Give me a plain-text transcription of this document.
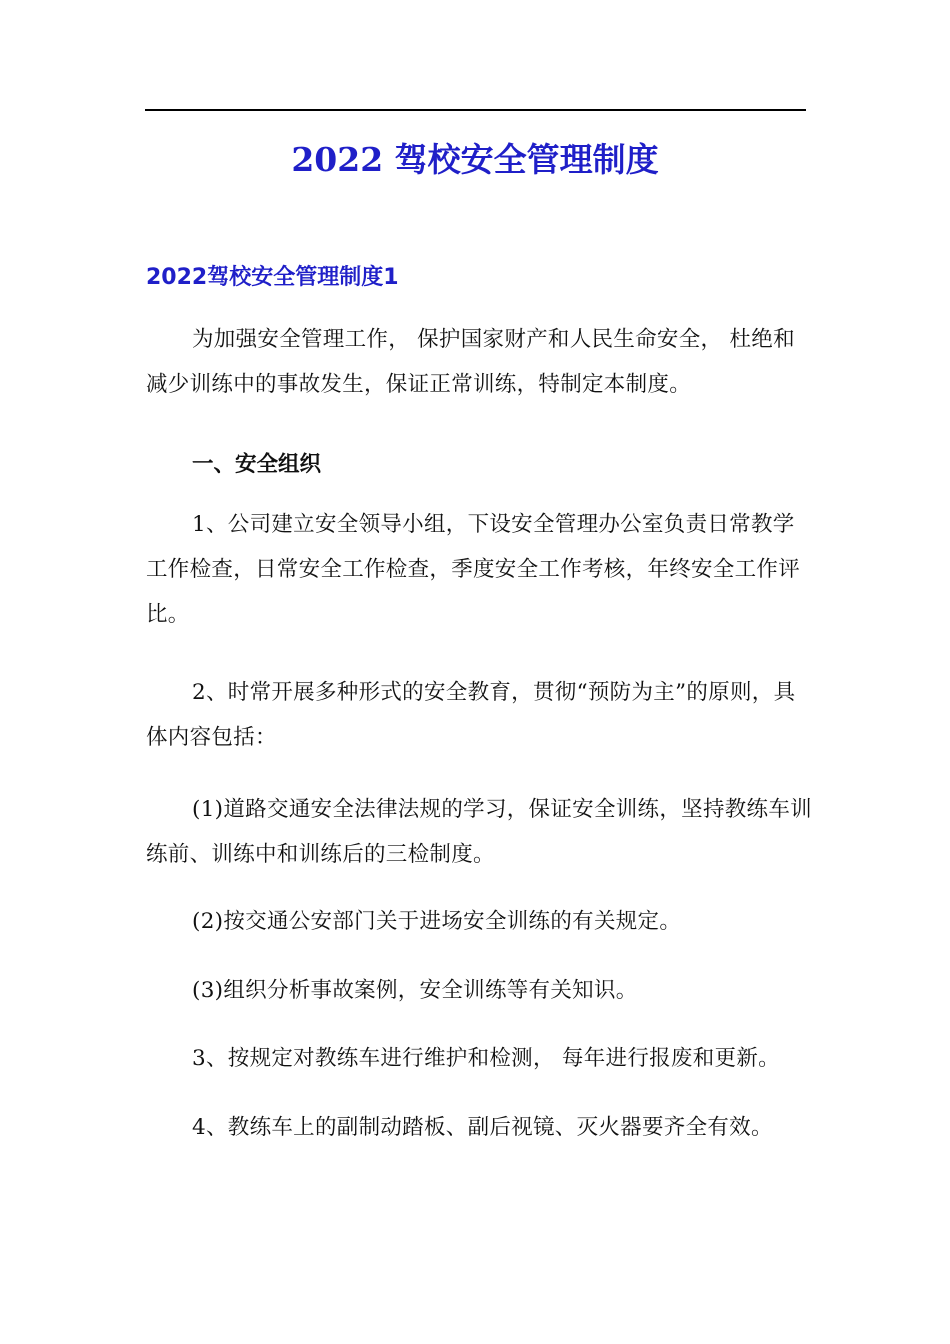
2022 驾校安全管理制度
2022驾校安全管理制度1

为加强安全管理工作， 保护国家财产和人民生命安全， 杜绝和减少训练中的事故发生，保证正常训练，特制定本制度。

一、安全组织

1、公司建立安全领导小组，下设安全管理办公室负责日常教学工作检查，日常安全工作检查，季度安全工作考核，年终安全工作评比。

2、时常开展多种形式的安全教育，贯彻“预防为主”的原则，具体内容包括：

(1)道路交通安全法律法规的学习，保证安全训练，坚持教练车训练前、训练中和训练后的三检制度。

(2)按交通公安部门关于进场安全训练的有关规定。

(3)组织分析事故案例，安全训练等有关知识。

3、按规定对教练车进行维护和检测， 每年进行报废和更新。

4、教练车上的副制动踏板、副后视镜、灭火器要齐全有效。
